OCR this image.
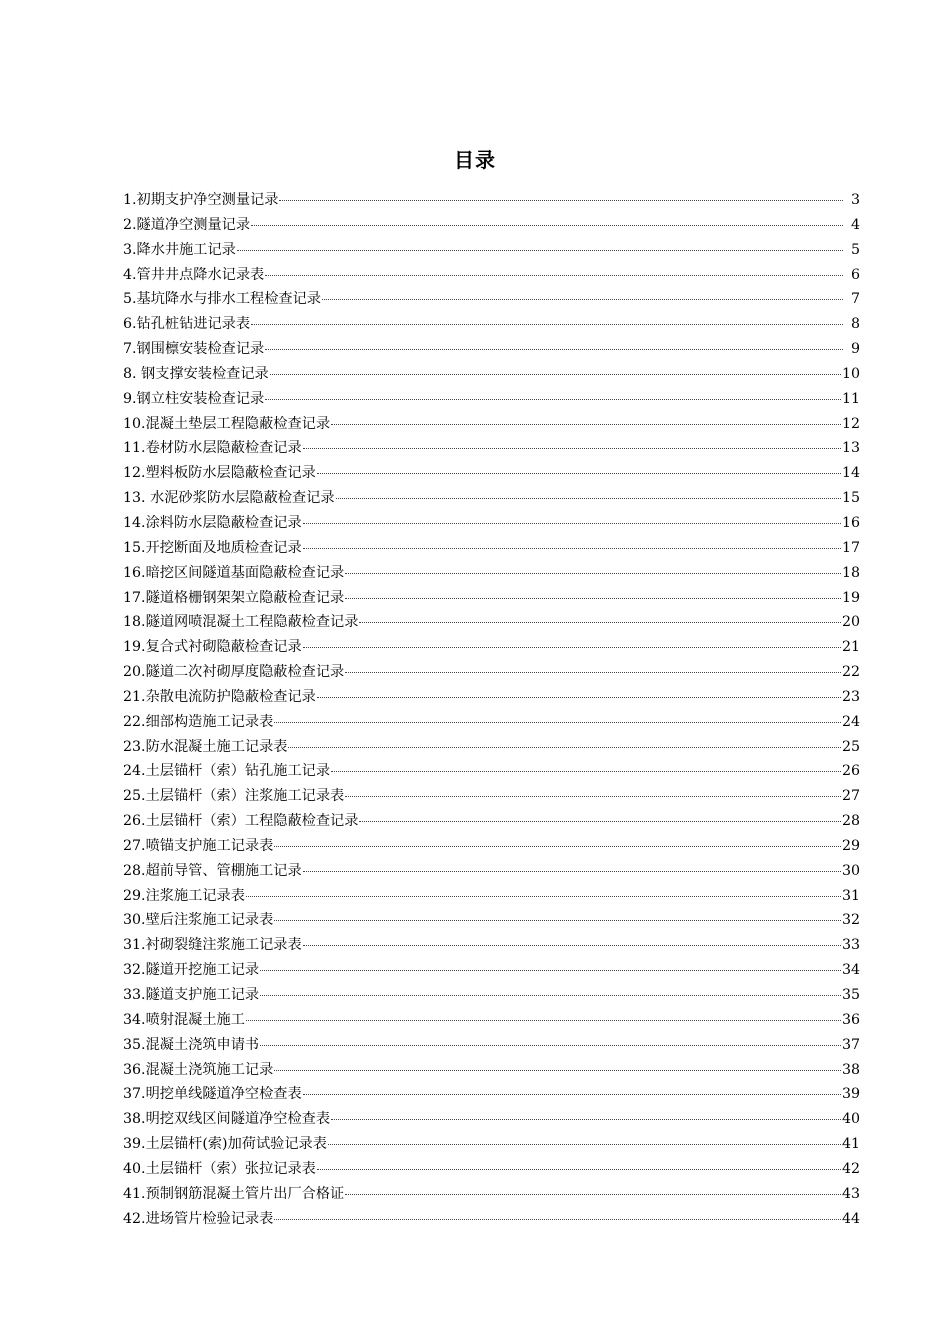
目录
1.初期支护净空测量记录	3
2.隧道净空测量记录	4
3.降水井施工记录	5
4.管井井点降水记录表	6
5.基坑降水与排水工程检查记录	7
6.钻孔桩钻进记录表	8
7.钢围檩安装检查记录	9
8. 钢支撑安装检查记录	10
9.钢立柱安装检查记录	11
10.混凝土垫层工程隐蔽检查记录	12
11.卷材防水层隐蔽检查记录	13
12.塑料板防水层隐蔽检查记录	14
13. 水泥砂浆防水层隐蔽检查记录	15
14.涂料防水层隐蔽检查记录	16
15.开挖断面及地质检查记录	17
16.暗挖区间隧道基面隐蔽检查记录	18
17.隧道格栅钢架架立隐蔽检查记录	19
18.隧道网喷混凝土工程隐蔽检查记录	20
19.复合式衬砌隐蔽检查记录	21
20.隧道二次衬砌厚度隐蔽检查记录	22
21.杂散电流防护隐蔽检查记录	23
22.细部构造施工记录表	24
23.防水混凝土施工记录表	25
24.土层锚杆（索）钻孔施工记录	26
25.土层锚杆（索）注浆施工记录表	27
26.土层锚杆（索）工程隐蔽检查记录	28
27.喷锚支护施工记录表	29
28.超前导管、管棚施工记录	30
29.注浆施工记录表	31
30.壁后注浆施工记录表	32
31.衬砌裂缝注浆施工记录表	33
32.隧道开挖施工记录	34
33.隧道支护施工记录	35
34.喷射混凝土施工	36
35.混凝土浇筑申请书	37
36.混凝土浇筑施工记录	38
37.明挖单线隧道净空检查表	39
38.明挖双线区间隧道净空检查表	40
39.土层锚杆(索)加荷试验记录表	41
40.土层锚杆（索）张拉记录表	42
41.预制钢筋混凝土管片出厂合格证	43
42.进场管片检验记录表	44
